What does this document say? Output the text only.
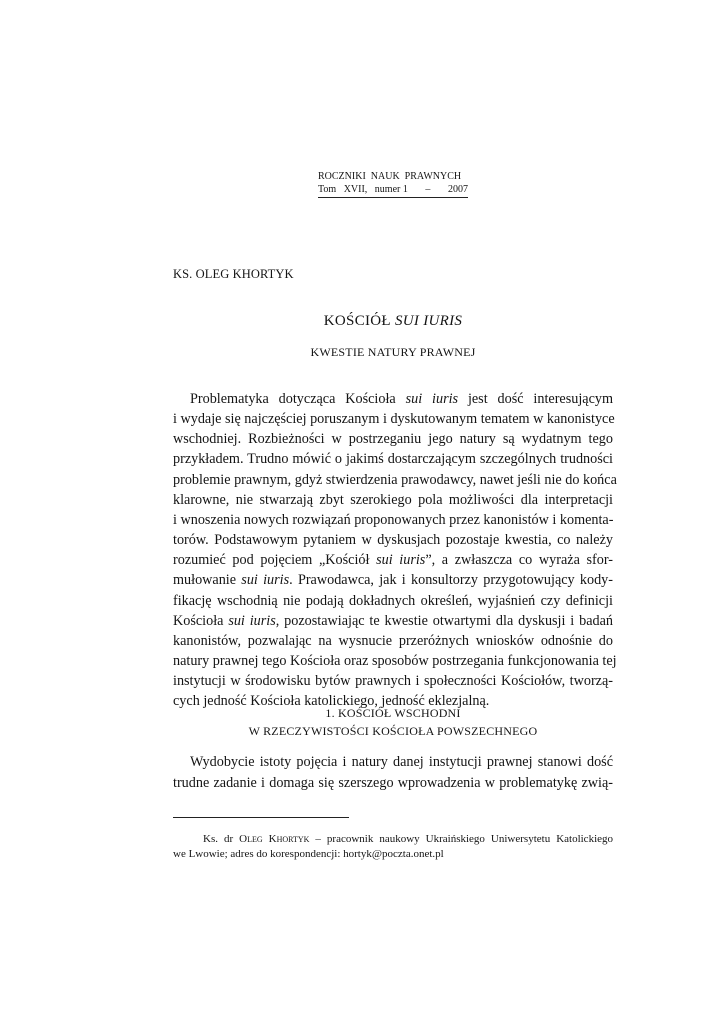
ROCZNIKI  NAUK  PRAWNYCH
Tom   XVII,   numer 1 – 2007
KS. OLEG KHORTYK
KOŚCIÓŁ SUI IURIS
KWESTIE NATURY PRAWNEJ
Problematyka dotycząca Kościoła sui iuris jest dość interesującym
i wydaje się najczęściej poruszanym i dyskutowanym tematem w kanonistyce
wschodniej. Rozbieżności w postrzeganiu jego natury są wydatnym tego
przykładem. Trudno mówić o jakimś dostarczającym szczególnych trudności
problemie prawnym, gdyż stwierdzenia prawodawcy, nawet jeśli nie do końca
klarowne, nie stwarzają zbyt szerokiego pola możliwości dla interpretacji
i wnoszenia nowych rozwiązań proponowanych przez kanonistów i komenta-
torów. Podstawowym pytaniem w dyskusjach pozostaje kwestia, co należy
rozumieć pod pojęciem „Kościół sui iuris”, a zwłaszcza co wyraża sfor-
mułowanie sui iuris. Prawodawca, jak i konsultorzy przygotowujący kody-
fikację wschodnią nie podają dokładnych określeń, wyjaśnień czy definicji
Kościoła sui iuris, pozostawiając te kwestie otwartymi dla dyskusji i badań
kanonistów, pozwalając na wysnucie przeróżnych wniosków odnośnie do
natury prawnej tego Kościoła oraz sposobów postrzegania funkcjonowania tej
instytucji w środowisku bytów prawnych i społeczności Kościołów, tworzą-
cych jedność Kościoła katolickiego, jedność eklezjalną.
1. KOŚCIÓŁ WSCHODNI
W RZECZYWISTOŚCI KOŚCIOŁA POWSZECHNEGO
Wydobycie istoty pojęcia i natury danej instytucji prawnej stanowi dość
trudne zadanie i domaga się szerszego wprowadzenia w problematykę zwią-
Ks. dr Oleg Khortyk – pracownik naukowy Ukraińskiego Uniwersytetu Katolickiego
we Lwowie; adres do korespondencji: hortyk@poczta.onet.pl
